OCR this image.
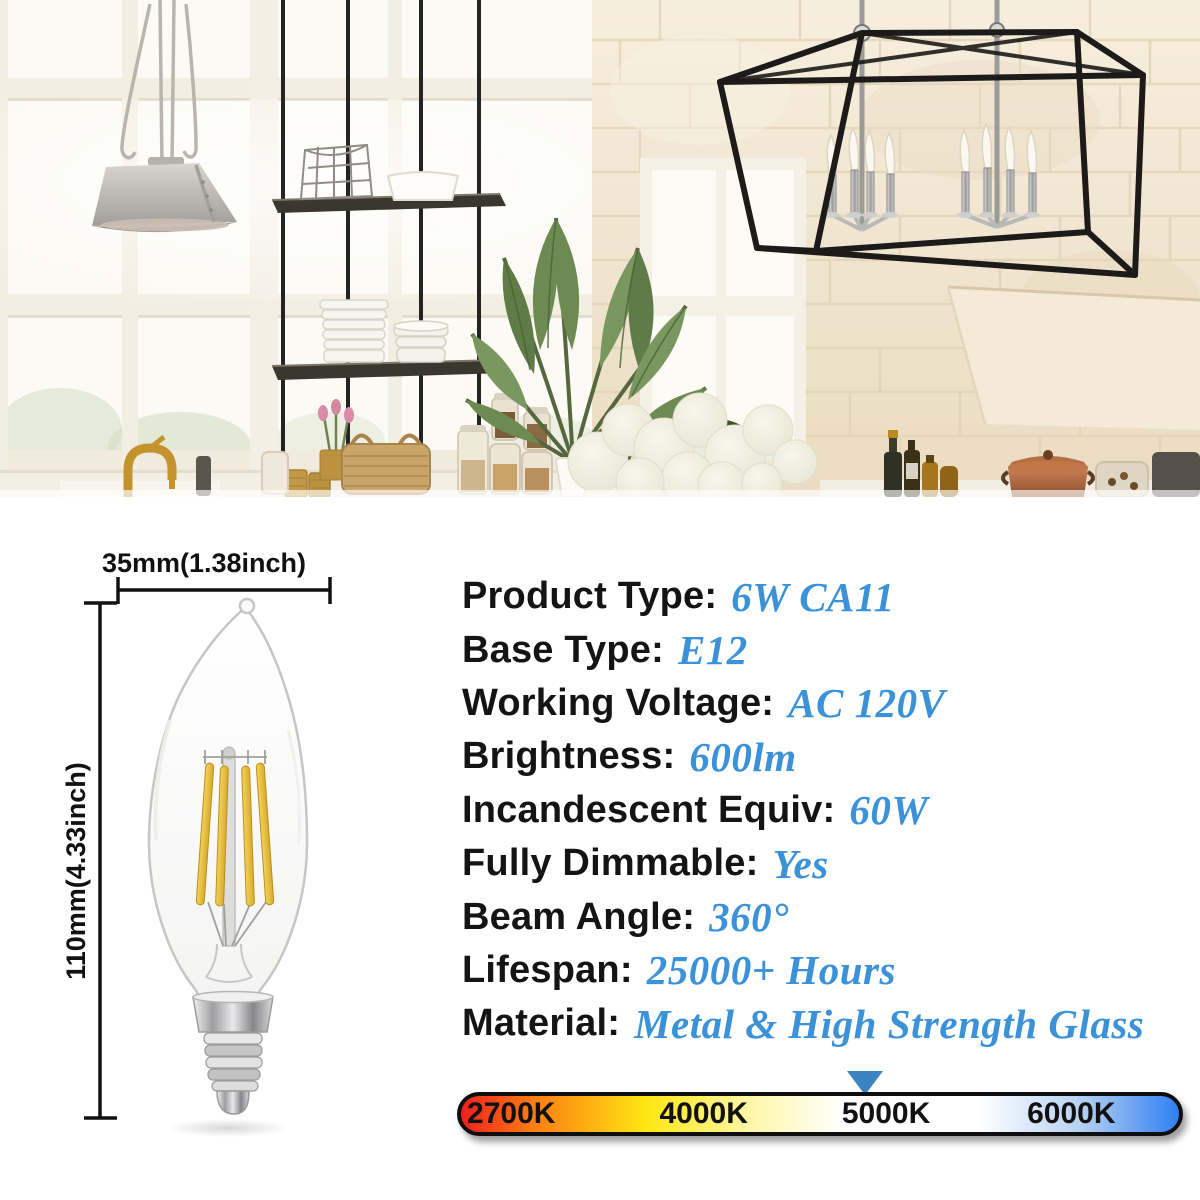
35mm(1.38inch)
110mm(4.33inch)
Product Type: 6W CA11
Base Type: E12
Working Voltage: AC 120V
Brightness: 600lm
Incandescent Equiv: 60W
Fully Dimmable: Yes
Beam Angle: 360°
Lifespan: 25000+ Hours
Material: Metal & High Strength Glass
2700K	4000K	5000K	6000K
